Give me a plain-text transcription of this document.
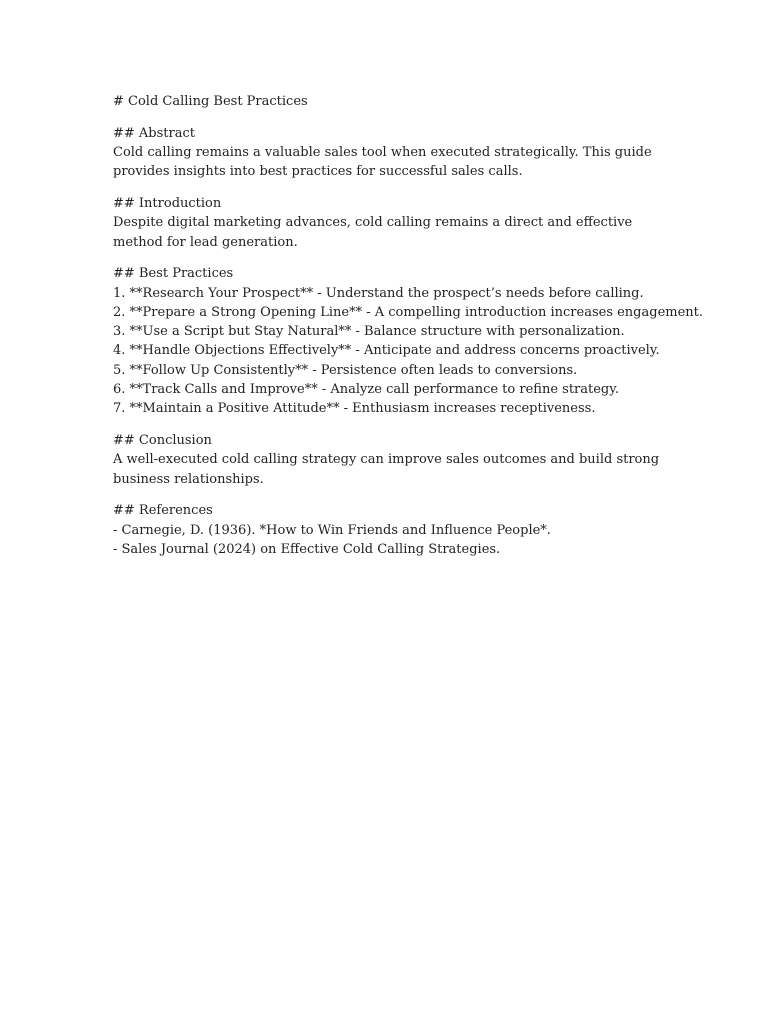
# Cold Calling Best Practices
## Abstract
Cold calling remains a valuable sales tool when executed strategically. This guide provides insights into best practices for successful sales calls.
## Introduction
Despite digital marketing advances, cold calling remains a direct and effective method for lead generation.
## Best Practices
1. **Research Your Prospect** - Understand the prospect’s needs before calling.
2. **Prepare a Strong Opening Line** - A compelling introduction increases engagement.
3. **Use a Script but Stay Natural** - Balance structure with personalization.
4. **Handle Objections Effectively** - Anticipate and address concerns proactively.
5. **Follow Up Consistently** - Persistence often leads to conversions.
6. **Track Calls and Improve** - Analyze call performance to refine strategy.
7. **Maintain a Positive Attitude** - Enthusiasm increases receptiveness.
## Conclusion
A well-executed cold calling strategy can improve sales outcomes and build strong business relationships.
## References
- Carnegie, D. (1936). *How to Win Friends and Influence People*.
- Sales Journal (2024) on Effective Cold Calling Strategies.
